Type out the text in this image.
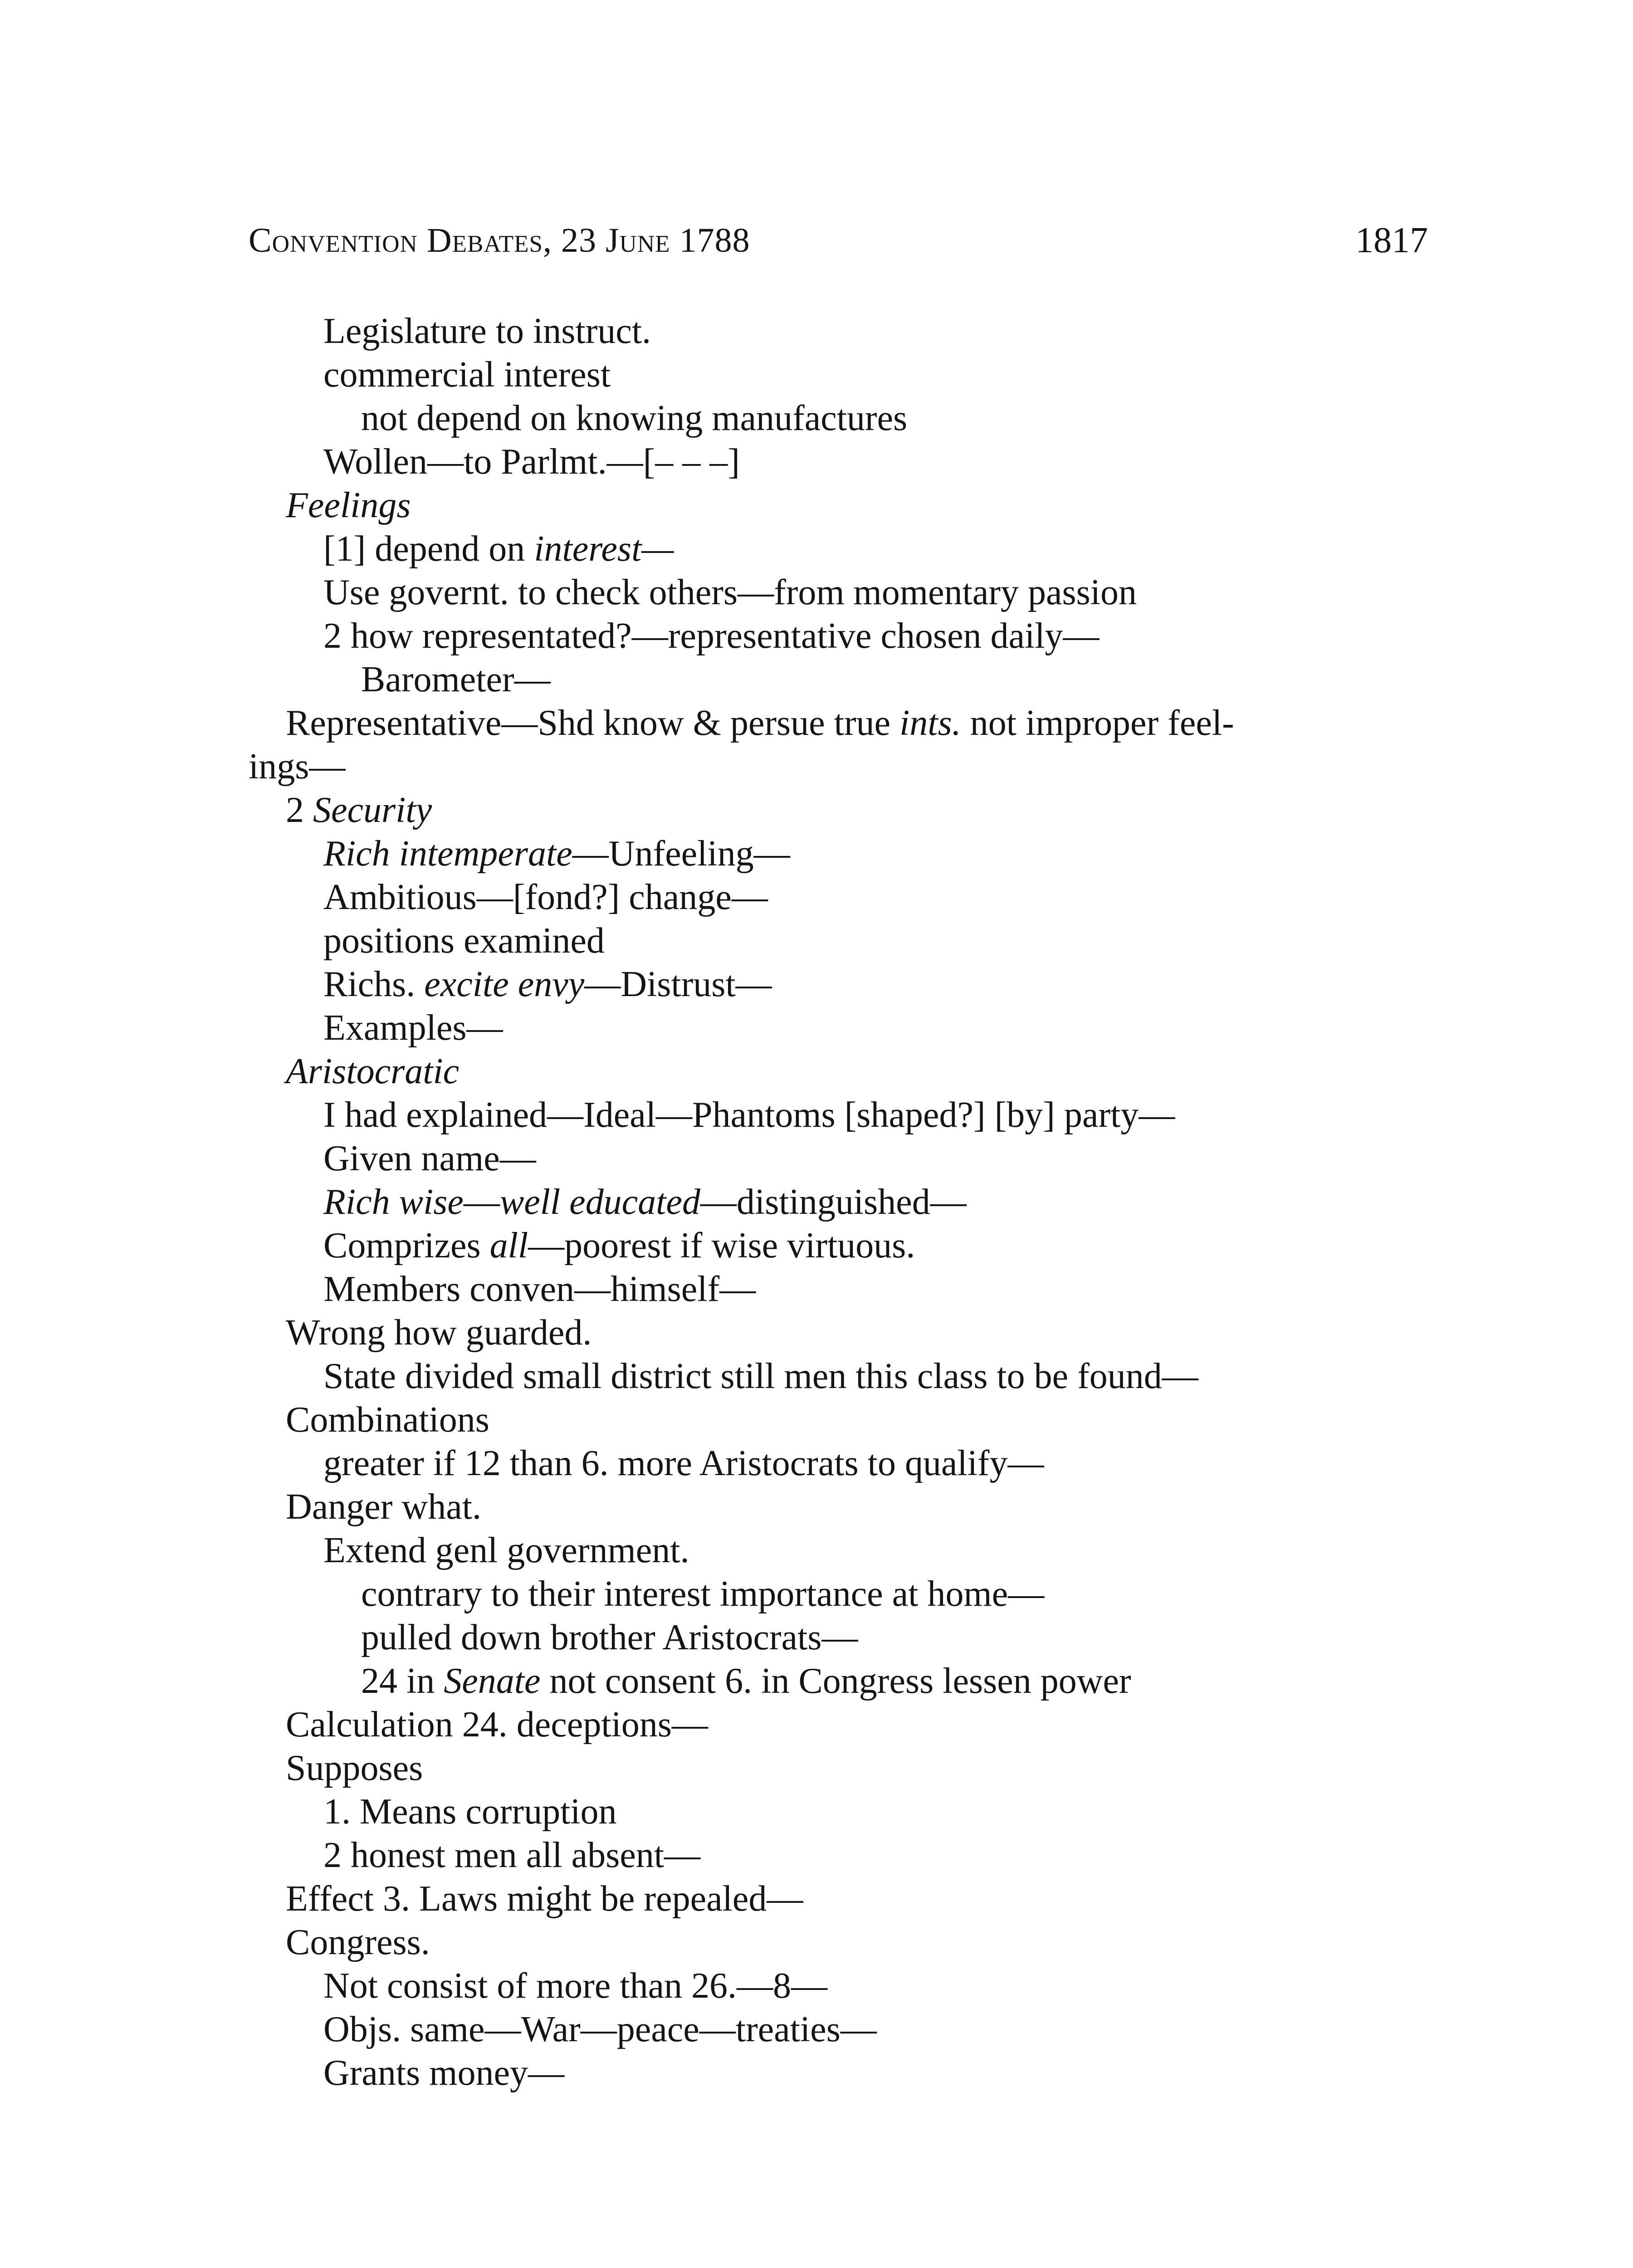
Convention Debates, 23 June 1788	1817
Legislature to instruct.
commercial interest
not depend on knowing manufactures
Wollen—to Parlmt.—[– – –]
Feelings
[1] depend on interest—
Use governt. to check others—from momentary passion
2 how representated?—representative chosen daily—
Barometer—
Representative—Shd know & persue true ints. not improper feel-
ings—
2 Security
Rich intemperate—Unfeeling—
Ambitious—[fond?] change—
positions examined
Richs. excite envy—Distrust—
Examples—
Aristocratic
I had explained—Ideal—Phantoms [shaped?] [by] party—
Given name—
Rich wise—well educated—distinguished—
Comprizes all—poorest if wise virtuous.
Members conven—himself—
Wrong how guarded.
State divided small district still men this class to be found—
Combinations
greater if 12 than 6. more Aristocrats to qualify—
Danger what.
Extend genl government.
contrary to their interest importance at home—
pulled down brother Aristocrats—
24 in Senate not consent 6. in Congress lessen power
Calculation 24. deceptions—
Supposes
1. Means corruption
2 honest men all absent—
Effect 3. Laws might be repealed—
Congress.
Not consist of more than 26.—8—
Objs. same—War—peace—treaties—
Grants money—
